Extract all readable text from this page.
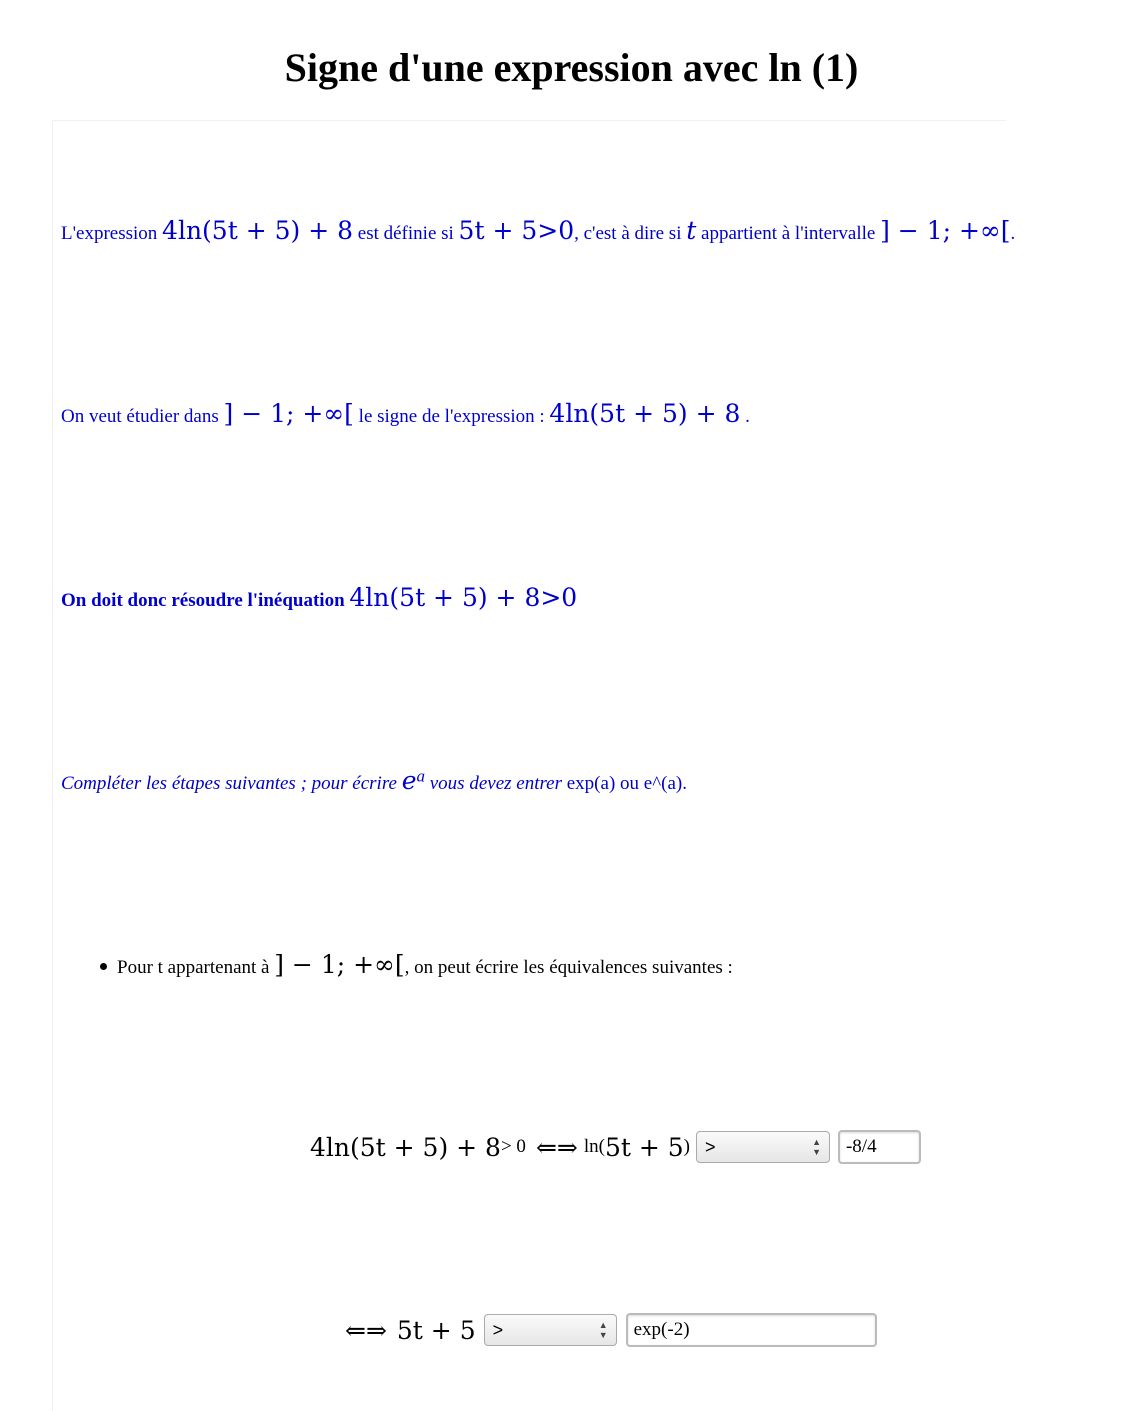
Signe d'une expression avec ln (1)
L'expression 4ln(5t + 5) + 8 est définie si 5t + 5>0, c'est à dire si t appartient à l'intervalle ] − 1; +∞[.
On veut étudier dans ] − 1; +∞[ le signe de l'expression : 4ln(5t + 5) + 8 .
On doit donc résoudre l'inéquation 4ln(5t + 5) + 8>0
Compléter les étapes suivantes ; pour écrire $e^a$ vous devez entrer exp(a) ou e^(a).
Pour t appartenant à ] − 1; +∞[, on peut écrire les équivalences suivantes :
4ln(5t + 5) + 8 > 0 ⇐⇒ ln( 5t + 5 ) >	▲
▼	-8/4
⇐⇒ 5t + 5 >	▲
▼	exp(-2)
